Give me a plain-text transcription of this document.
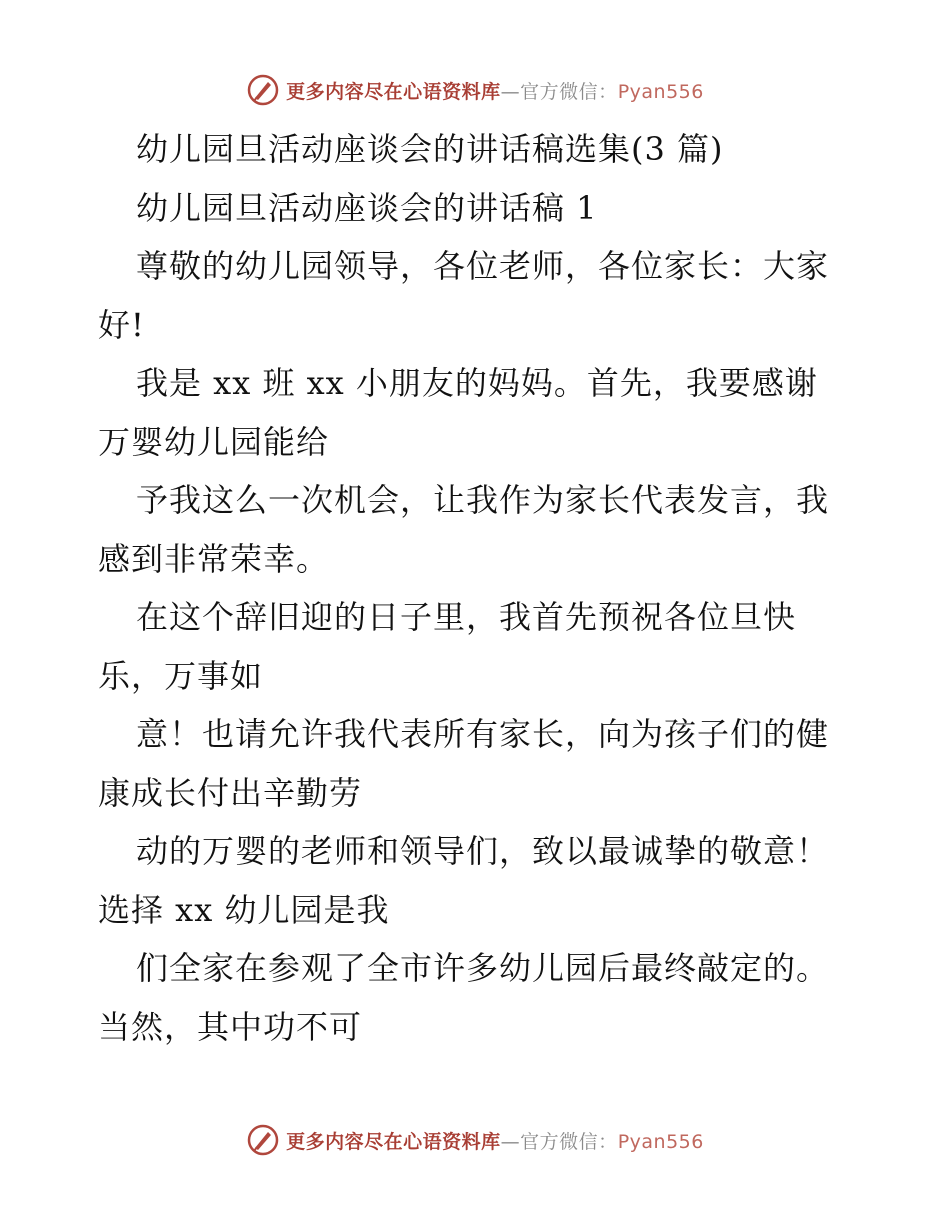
更多内容尽在心语资料库—官方微信：Pyan556
幼儿园旦活动座谈会的讲话稿选集(3 篇)
幼儿园旦活动座谈会的讲话稿 1
尊敬的幼儿园领导，各位老师，各位家长：大家
好!
我是 xx 班 xx 小朋友的妈妈。首先，我要感谢
万婴幼儿园能给
予我这么一次机会，让我作为家长代表发言，我
感到非常荣幸。
在这个辞旧迎的日子里，我首先预祝各位旦快
乐，万事如
意！也请允许我代表所有家长，向为孩子们的健
康成长付出辛勤劳
动的万婴的老师和领导们，致以最诚挚的敬意！
选择 xx 幼儿园是我
们全家在参观了全市许多幼儿园后最终敲定的。
当然，其中功不可
更多内容尽在心语资料库—官方微信：Pyan556
